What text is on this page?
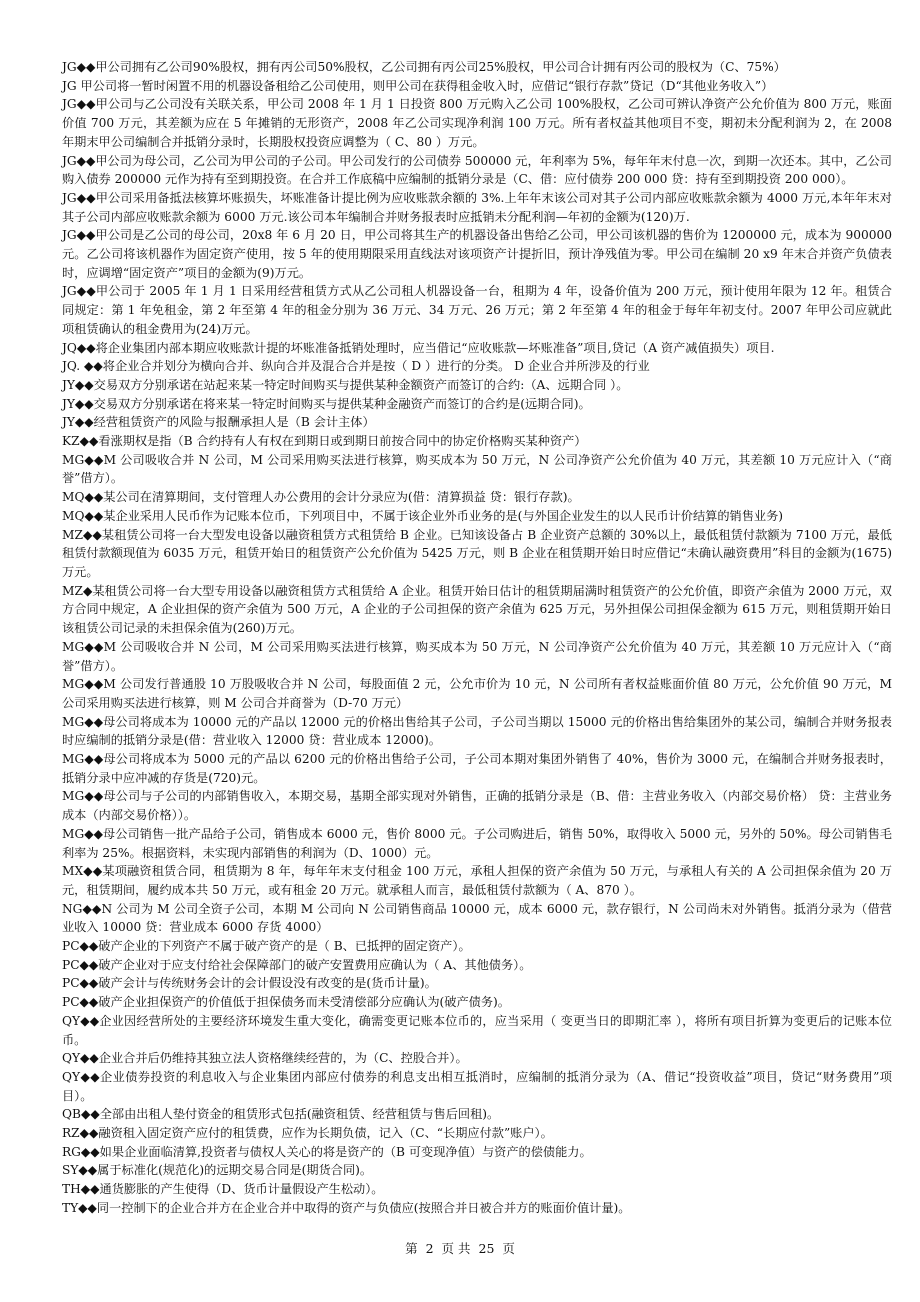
JG◆◆甲公司拥有乙公司90%股权，拥有丙公司50%股权，乙公司拥有丙公司25%股权，甲公司合计拥有丙公司的股权为（C、75%）

JG 甲公司将一暂时闲置不用的机器设备租给乙公司使用，则甲公司在获得租金收入时，应借记“银行存款”贷记（D“其他业务收入”）

JG◆◆甲公司与乙公司没有关联关系，甲公司 2008 年 1 月 1 日投资 800 万元购入乙公司 100%股权，乙公司可辨认净资产公允价值为 800 万元，账面价值 700 万元，其差额为应在 5 年摊销的无形资产，2008 年乙公司实现净利润 100 万元。所有者权益其他项目不变，期初未分配利润为 2，在 2008 年期末甲公司编制合并抵销分录时，长期股权投资应调整为（ C、80 ）万元。

JG◆◆甲公司为母公司，乙公司为甲公司的子公司。甲公司发行的公司债券 500000 元，年利率为 5%，每年年末付息一次，到期一次还本。其中，乙公司购入债券 200000 元作为持有至到期投资。在合并工作底稿中应编制的抵销分录是（C、借：应付债券 200 000 贷：持有至到期投资 200 000）。

JG◆◆甲公司采用备抵法核算坏账损失，坏账准备计提比例为应收账款余额的 3%.上年年末该公司对其子公司内部应收账款余额为 4000 万元,本年年末对其子公司内部应收账款余额为 6000 万元.该公司本年编制合并财务报表时应抵销未分配利润—年初的金额为(120)万.

JG◆◆甲公司是乙公司的母公司，20x8 年 6 月 20 日，甲公司将其生产的机器设备出售给乙公司，甲公司该机器的售价为 1200000 元，成本为 900000 元。乙公司将该机器作为固定资产使用，按 5 年的使用期限采用直线法对该项资产计提折旧，预计净残值为零。甲公司在编制 20 x9 年末合并资产负债表时，应调增“固定资产”项目的金额为(9)万元。

JG◆◆甲公司于 2005 年 1 月 1 日采用经营租赁方式从乙公司租人机器设备一台，租期为 4 年，设备价值为 200 万元，预计使用年限为 12 年。租赁合同规定：第 1 年免租金，第 2 年至第 4 年的租金分别为 36 万元、34 万元、26 万元；第 2 年至第 4 年的租金于每年年初支付。2007 年甲公司应就此项租赁确认的租金费用为(24)万元。

JQ◆◆将企业集团内部本期应收账款计提的坏账准备抵销处理时，应当借记“应收账款—坏账准备”项目,贷记（A 资产减值损失）项目.

JQ. ◆◆将企业合并划分为横向合并、纵向合并及混合合并是按（ D ）进行的分类。 D 企业合并所涉及的行业

JY◆◆交易双方分别承诺在站起来某一特定时间购买与提供某种金额资产而签订的合约:（A、远期合同 ）。

JY◆◆交易双方分别承诺在将来某一特定时间购买与提供某种金融资产而签订的合约是(远期合同)。

JY◆◆经营租赁资产的风险与报酬承担人是（B 会计主体）

KZ◆◆看涨期权是指（B 合约持有人有权在到期日或到期日前按合同中的协定价格购买某种资产）

MG◆◆M 公司吸收合并 N 公司，M 公司采用购买法进行核算，购买成本为 50 万元，N 公司净资产公允价值为 40 万元，其差额 10 万元应计入（“商誉”借方）。

MQ◆◆某公司在清算期间，支付管理人办公费用的会计分录应为(借：清算损益 贷：银行存款)。

MQ◆◆某企业采用人民币作为记账本位币，下列项目中，不属于该企业外币业务的是(与外国企业发生的以人民币计价结算的销售业务)

MZ◆◆某租赁公司将一台大型发电设备以融资租赁方式租赁给 B 企业。已知该设备占 B 企业资产总额的 30%以上，最低租赁付款额为 7100 万元，最低租赁付款额现值为 6035 万元，租赁开始日的租赁资产公允价值为 5425 万元，则 B 企业在租赁期开始日时应借记“未确认融资费用”科目的金额为(1675)万元。

MZ◆某租赁公司将一台大型专用设备以融资租赁方式租赁给 A 企业。租赁开始日估计的租赁期届满时租赁资产的公允价值，即资产余值为 2000 万元，双方合同中规定，A 企业担保的资产余值为 500 万元，A 企业的子公司担保的资产余值为 625 万元，另外担保公司担保金额为 615 万元，则租赁期开始日该租赁公司记录的未担保余值为(260)万元。

MG◆◆M 公司吸收合并 N 公司，M 公司采用购买法进行核算，购买成本为 50 万元，N 公司净资产公允价值为 40 万元，其差额 10 万元应计入（“商誉”借方）。

MG◆◆M 公司发行普通股 10 万股吸收合并 N 公司，每股面值 2 元，公允市价为 10 元，N 公司所有者权益账面价值 80 万元，公允价值 90 万元，M 公司采用购买法进行核算，则 M 公司合并商誉为（D-70 万元）

MG◆◆母公司将成本为 10000 元的产品以 12000 元的价格出售给其子公司，子公司当期以 15000 元的价格出售给集团外的某公司，编制合并财务报表时应编制的抵销分录是(借：营业收入 12000 贷：营业成本 12000)。

MG◆◆母公司将成本为 5000 元的产品以 6200 元的价格出售给子公司，子公司本期对集团外销售了 40%，售价为 3000 元，在编制合并财务报表时，抵销分录中应冲减的存货是(720)元。

MG◆◆母公司与子公司的内部销售收入，本期交易，基期全部实现对外销售，正确的抵销分录是（B、借：主营业务收入（内部交易价格） 贷：主营业务成本（内部交易价格））。

MG◆◆母公司销售一批产品给子公司，销售成本 6000 元，售价 8000 元。子公司购进后，销售 50%，取得收入 5000 元，另外的 50%。母公司销售毛利率为 25%。根据资料，未实现内部销售的利润为（D、1000）元。

MX◆◆某项融资租赁合同，租赁期为 8 年，每年年末支付租金 100 万元，承租人担保的资产余值为 50 万元，与承租人有关的 A 公司担保余值为 20 万元，租赁期间，履约成本共 50 万元，或有租金 20 万元。就承租人而言，最低租赁付款额为（ A、870 ）。

NG◆◆N 公司为 M 公司全资子公司，本期 M 公司向 N 公司销售商品 10000 元，成本 6000 元，款存银行，N 公司尚未对外销售。抵消分录为（借营业收入 10000 贷：营业成本 6000 存货 4000）

PC◆◆破产企业的下列资产不属于破产资产的是（ B、已抵押的固定资产）。

PC◆◆破产企业对于应支付给社会保障部门的破产安置费用应确认为（ A、其他债务）。

PC◆◆破产会计与传统财务会计的会计假设没有改变的是(货币计量)。

PC◆◆破产企业担保资产的价值低于担保债务而未受清偿部分应确认为(破产债务)。

QY◆◆企业因经营所处的主要经济环境发生重大变化，确需变更记账本位币的，应当采用（ 变更当日的即期汇率 ），将所有项目折算为变更后的记账本位币。

QY◆◆企业合并后仍维持其独立法人资格继续经营的，为（C、控股合并）。

QY◆◆企业债券投资的利息收入与企业集团内部应付债券的利息支出相互抵消时，应编制的抵消分录为（A、借记“投资收益”项目，贷记“财务费用”项目）。

QB◆◆全部由出租人垫付资金的租赁形式包括(融资租赁、经营租赁与售后回租)。

RZ◆◆融资租入固定资产应付的租赁费，应作为长期负债，记入（C、“长期应付款”账户）。

RG◆◆如果企业面临清算,投资者与债权人关心的将是资产的（B 可变现净值）与资产的偿债能力。

SY◆◆属于标准化(规范化)的远期交易合同是(期货合同)。

TH◆◆通货膨胀的产生使得（D、货币计量假设产生松动）。

TY◆◆同一控制下的企业合并方在企业合并中取得的资产与负债应(按照合并日被合并方的账面价值计量)。

第 2 页 共 25 页
